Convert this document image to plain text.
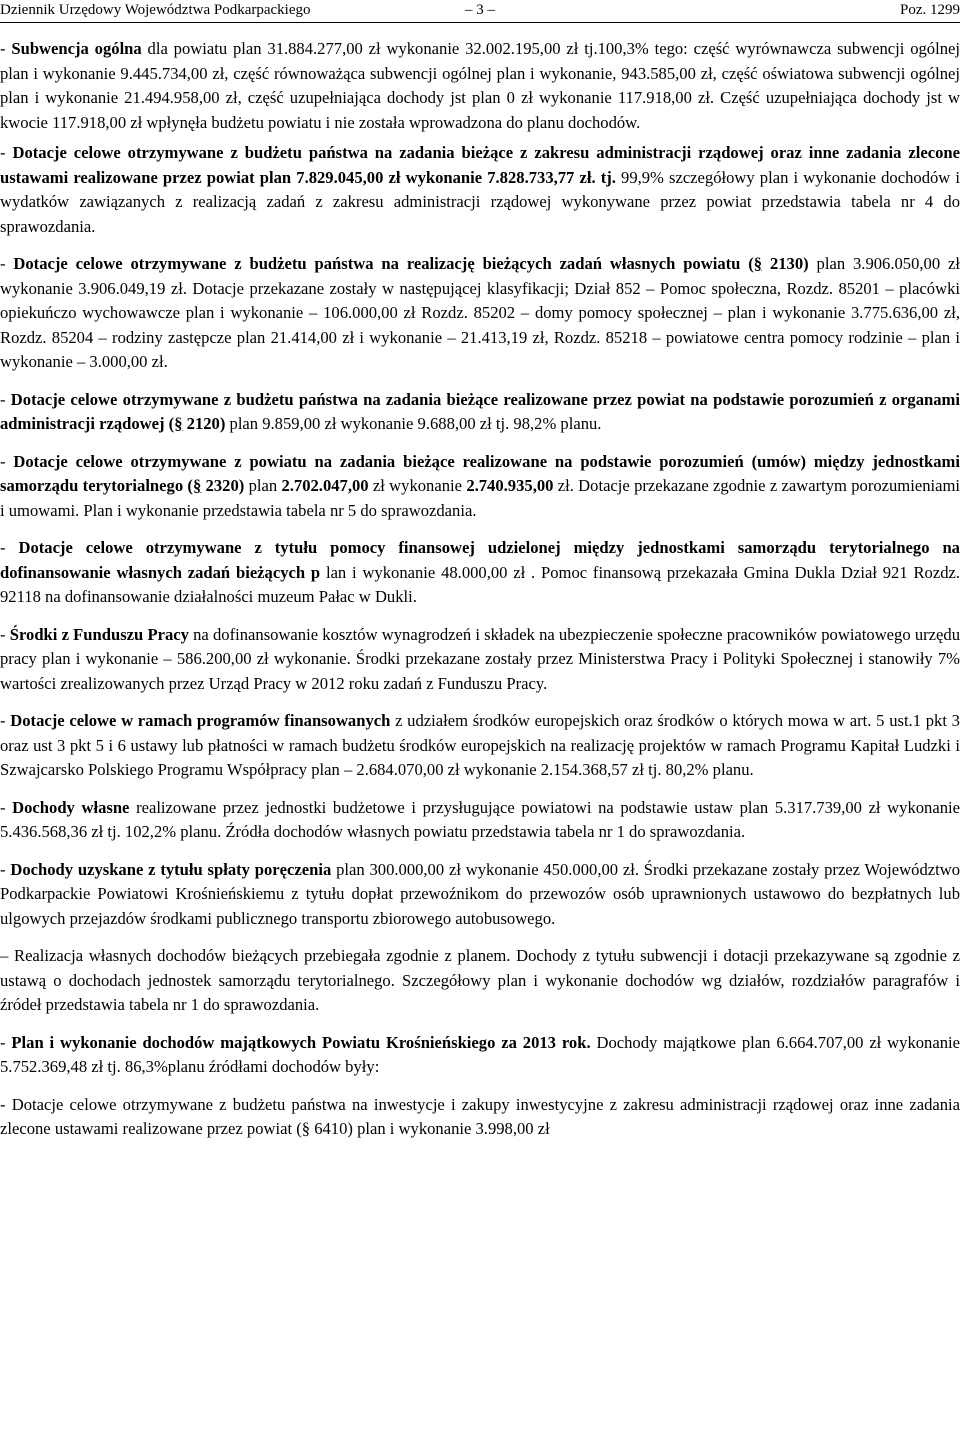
Dziennik Urzędowy Województwa Podkarpackiego	– 3 –	Poz. 1299

- Subwencja ogólna dla powiatu plan 31.884.277,00 zł wykonanie 32.002.195,00 zł tj.100,3% tego: część wyrównawcza subwencji ogólnej plan i wykonanie 9.445.734,00 zł, część równoważąca subwencji ogólnej plan i wykonanie, 943.585,00 zł, część oświatowa subwencji ogólnej plan i wykonanie 21.494.958,00 zł, część uzupełniająca dochody jst plan 0 zł wykonanie 117.918,00 zł. Część uzupełniająca dochody jst w kwocie 117.918,00 zł wpłynęła budżetu powiatu i nie została wprowadzona do planu dochodów.

- Dotacje celowe otrzymywane z budżetu państwa na zadania bieżące z zakresu administracji rządowej oraz inne zadania zlecone ustawami realizowane przez powiat plan 7.829.045,00 zł wykonanie 7.828.733,77 zł. tj. 99,9% szczegółowy plan i wykonanie dochodów i wydatków zawiązanych z realizacją zadań z zakresu administracji rządowej wykonywane przez powiat przedstawia tabela nr 4 do sprawozdania.

- Dotacje celowe otrzymywane z budżetu państwa na realizację bieżących zadań własnych powiatu (§ 2130) plan 3.906.050,00 zł wykonanie 3.906.049,19 zł. Dotacje przekazane zostały w następującej klasyfikacji; Dział 852 – Pomoc społeczna, Rozdz. 85201 – placówki opiekuńczo wychowawcze plan i wykonanie – 106.000,00 zł Rozdz. 85202 – domy pomocy społecznej – plan i wykonanie 3.775.636,00 zł, Rozdz. 85204 – rodziny zastępcze plan 21.414,00 zł i wykonanie – 21.413,19 zł, Rozdz. 85218 – powiatowe centra pomocy rodzinie – plan i wykonanie – 3.000,00 zł.

- Dotacje celowe otrzymywane z budżetu państwa na zadania bieżące realizowane przez powiat na podstawie porozumień z organami administracji rządowej (§ 2120) plan 9.859,00 zł wykonanie 9.688,00 zł tj. 98,2% planu.

- Dotacje celowe otrzymywane z powiatu na zadania bieżące realizowane na podstawie porozumień (umów) między jednostkami samorządu terytorialnego (§ 2320) plan 2.702.047,00 zł wykonanie 2.740.935,00 zł. Dotacje przekazane zgodnie z zawartym porozumieniami i umowami. Plan i wykonanie przedstawia tabela nr 5 do sprawozdania.

- Dotacje celowe otrzymywane z tytułu pomocy finansowej udzielonej między jednostkami samorządu terytorialnego na dofinansowanie własnych zadań bieżących p lan i wykonanie 48.000,00 zł . Pomoc finansową przekazała Gmina Dukla Dział 921 Rozdz. 92118 na dofinansowanie działalności muzeum Pałac w Dukli.

- Środki z Funduszu Pracy na dofinansowanie kosztów wynagrodzeń i składek na ubezpieczenie społeczne pracowników powiatowego urzędu pracy plan i wykonanie – 586.200,00 zł wykonanie. Środki przekazane zostały przez Ministerstwa Pracy i Polityki Społecznej i stanowiły 7% wartości zrealizowanych przez Urząd Pracy w 2012 roku zadań z Funduszu Pracy.

- Dotacje celowe w ramach programów finansowanych z udziałem środków europejskich oraz środków o których mowa w art. 5 ust.1 pkt 3 oraz ust 3 pkt 5 i 6 ustawy lub płatności w ramach budżetu środków europejskich na realizację projektów w ramach Programu Kapitał Ludzki i Szwajcarsko Polskiego Programu Współpracy plan – 2.684.070,00 zł wykonanie 2.154.368,57 zł tj. 80,2% planu.

- Dochody własne realizowane przez jednostki budżetowe i przysługujące powiatowi na podstawie ustaw plan 5.317.739,00 zł wykonanie 5.436.568,36 zł tj. 102,2% planu. Źródła dochodów własnych powiatu przedstawia tabela nr 1 do sprawozdania.

- Dochody uzyskane z tytułu spłaty poręczenia plan 300.000,00 zł wykonanie 450.000,00 zł. Środki przekazane zostały przez Województwo Podkarpackie Powiatowi Krośnieńskiemu z tytułu dopłat przewoźnikom do przewozów osób uprawnionych ustawowo do bezpłatnych lub ulgowych przejazdów środkami publicznego transportu zbiorowego autobusowego.

– Realizacja własnych dochodów bieżących przebiegała zgodnie z planem. Dochody z tytułu subwencji i dotacji przekazywane są zgodnie z ustawą o dochodach jednostek samorządu terytorialnego. Szczegółowy plan i wykonanie dochodów wg działów, rozdziałów paragrafów i źródeł przedstawia tabela nr 1 do sprawozdania.

- Plan i wykonanie dochodów majątkowych Powiatu Krośnieńskiego za 2013 rok. Dochody majątkowe plan 6.664.707,00 zł wykonanie 5.752.369,48 zł tj. 86,3%planu źródłami dochodów były:

- Dotacje celowe otrzymywane z budżetu państwa na inwestycje i zakupy inwestycyjne z zakresu administracji rządowej oraz inne zadania zlecone ustawami realizowane przez powiat (§ 6410) plan i wykonanie 3.998,00 zł
